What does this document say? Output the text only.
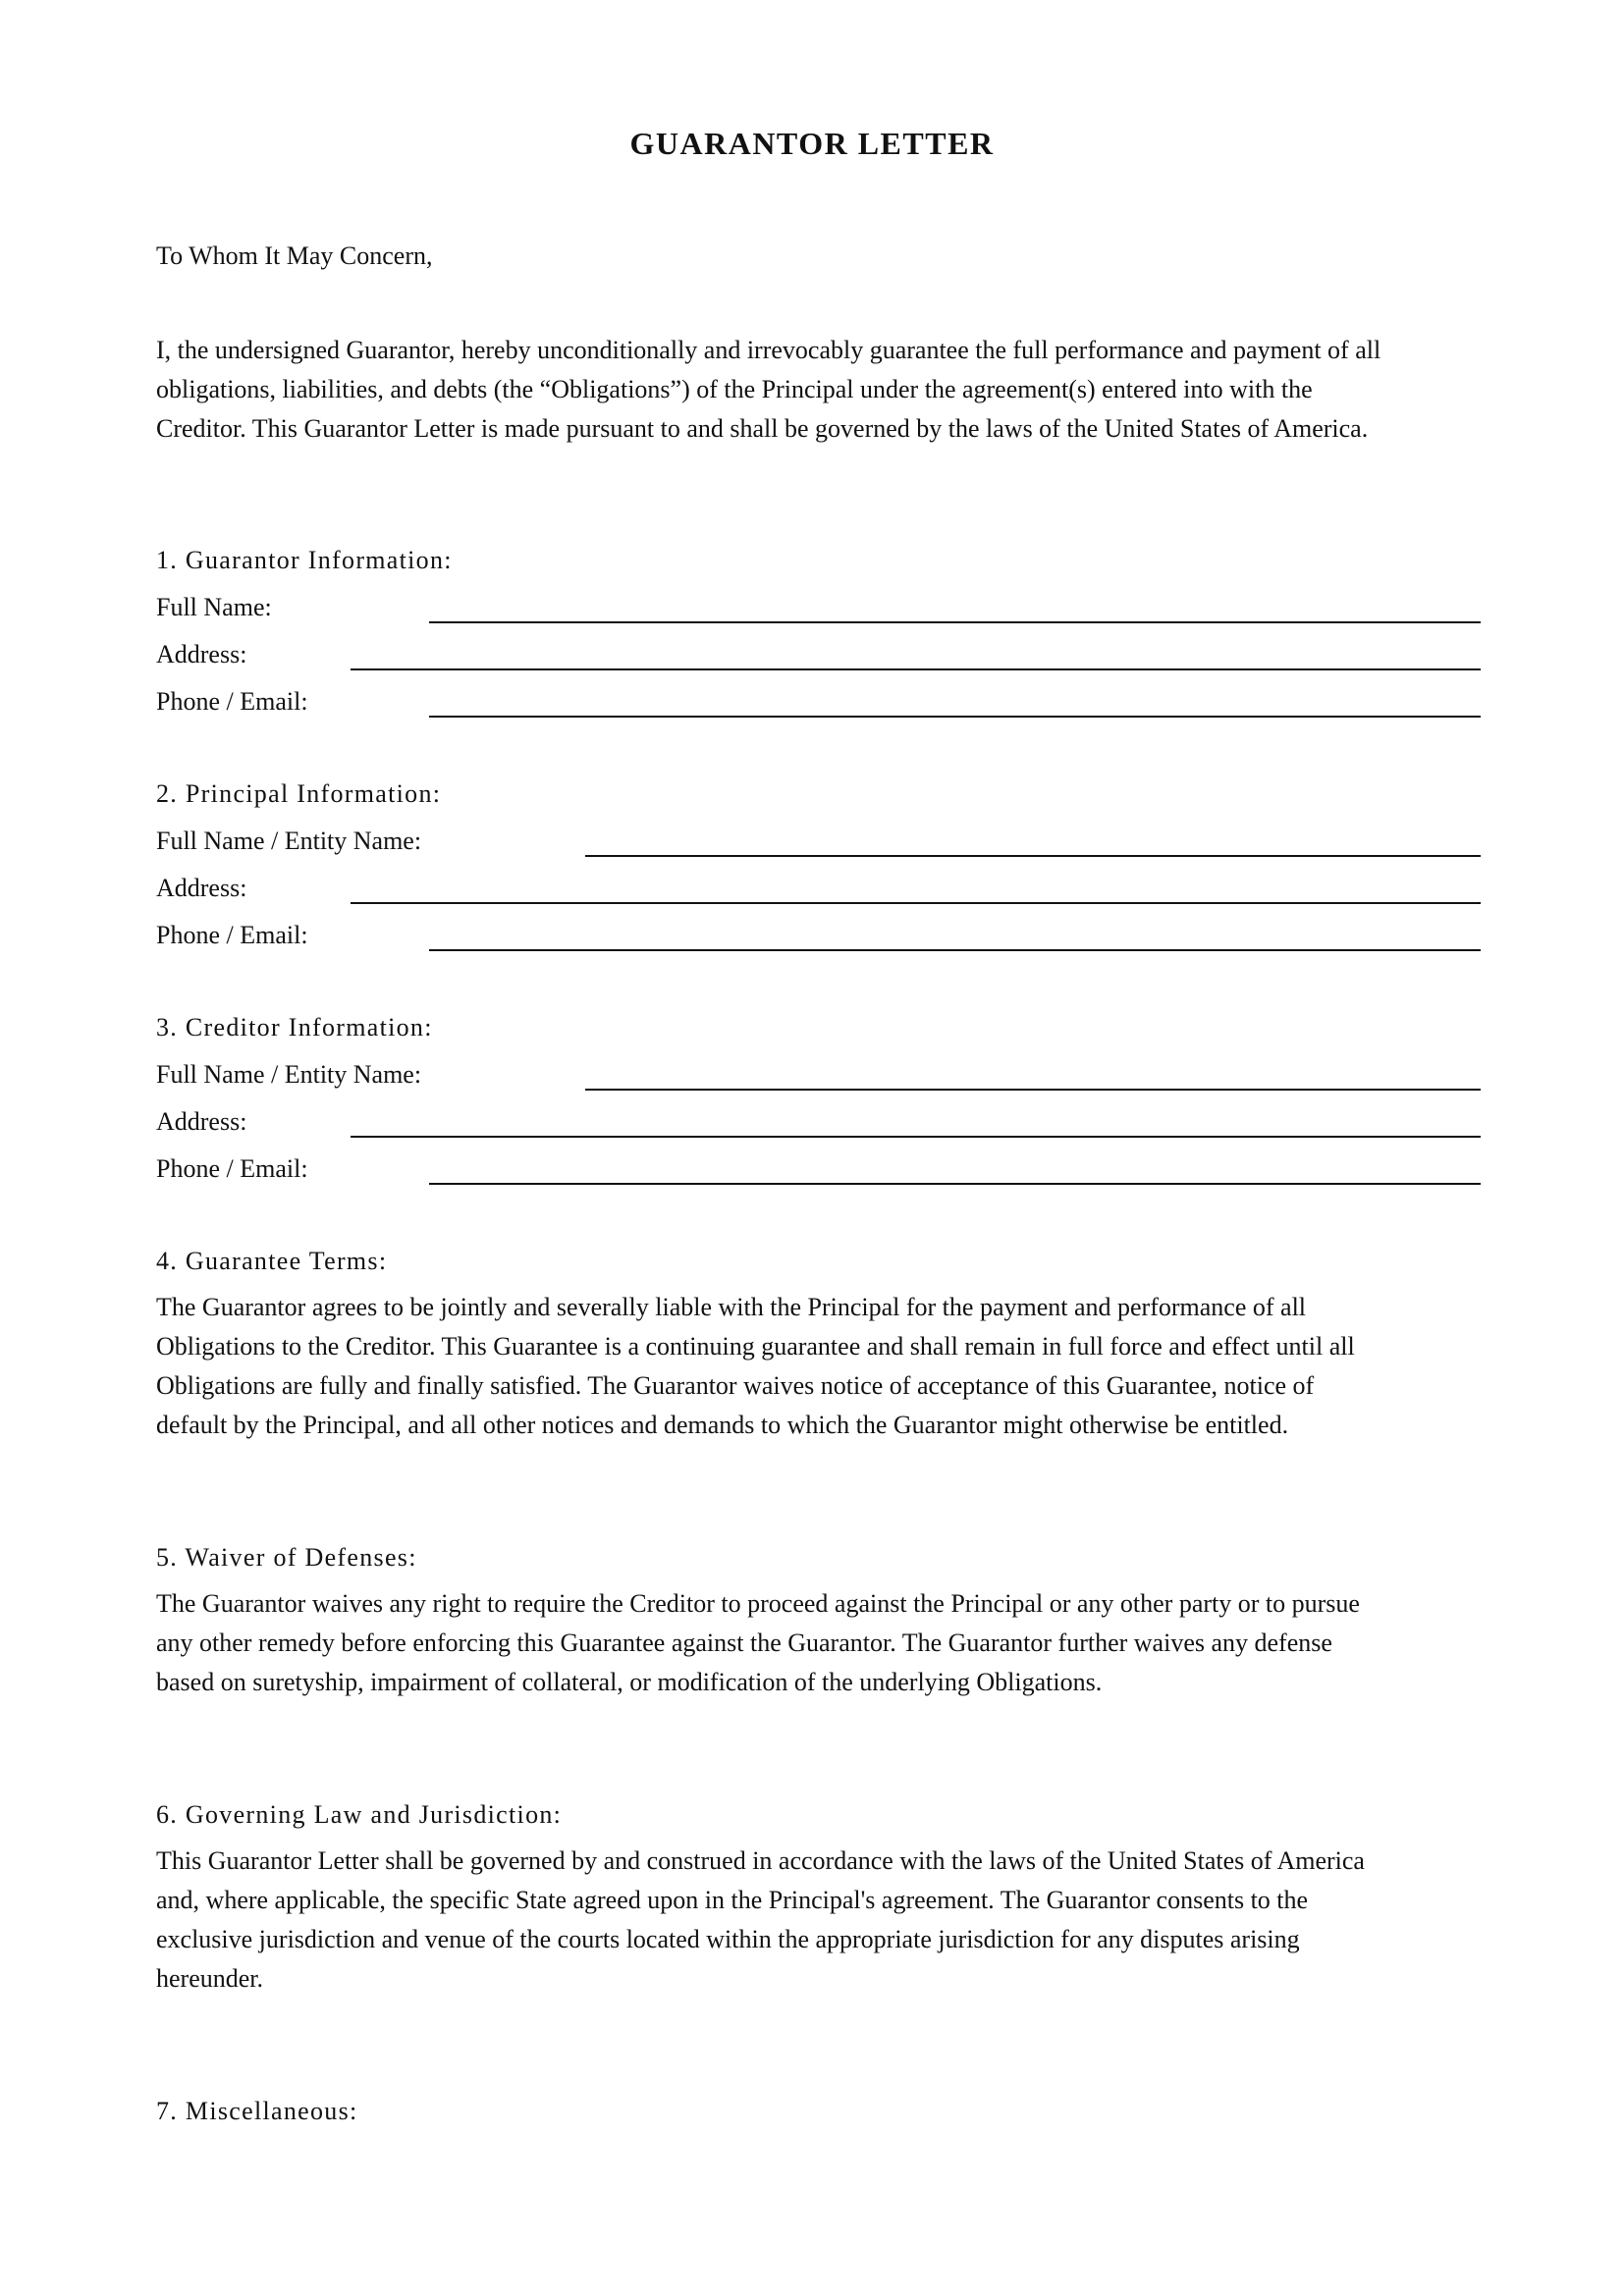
GUARANTOR LETTER

To Whom It May Concern,

I, the undersigned Guarantor, hereby unconditionally and irrevocably guarantee the full performance and payment of all
obligations, liabilities, and debts (the “Obligations”) of the Principal under the agreement(s) entered into with the
Creditor. This Guarantor Letter is made pursuant to and shall be governed by the laws of the United States of America.

1. Guarantor Information:

Full Name:

Address:

Phone / Email:

2. Principal Information:

Full Name / Entity Name:

Address:

Phone / Email:

3. Creditor Information:

Full Name / Entity Name:

Address:

Phone / Email:

4. Guarantee Terms:

The Guarantor agrees to be jointly and severally liable with the Principal for the payment and performance of all
Obligations to the Creditor. This Guarantee is a continuing guarantee and shall remain in full force and effect until all
Obligations are fully and finally satisfied. The Guarantor waives notice of acceptance of this Guarantee, notice of
default by the Principal, and all other notices and demands to which the Guarantor might otherwise be entitled.

5. Waiver of Defenses:

The Guarantor waives any right to require the Creditor to proceed against the Principal or any other party or to pursue
any other remedy before enforcing this Guarantee against the Guarantor. The Guarantor further waives any defense
based on suretyship, impairment of collateral, or modification of the underlying Obligations.

6. Governing Law and Jurisdiction:

This Guarantor Letter shall be governed by and construed in accordance with the laws of the United States of America
and, where applicable, the specific State agreed upon in the Principal's agreement. The Guarantor consents to the
exclusive jurisdiction and venue of the courts located within the appropriate jurisdiction for any disputes arising
hereunder.

7. Miscellaneous:
